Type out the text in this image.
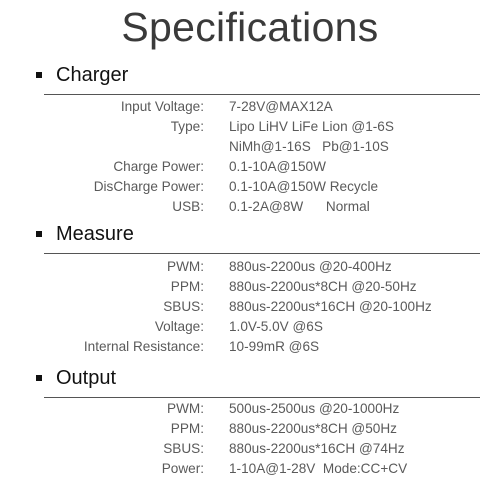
Specifications
Charger
Input Voltage: 7-28V@MAX12A
Type: Lipo LiHV LiFe Lion @1-6S
NiMh@1-16S   Pb@1-10S
Charge Power: 0.1-10A@150W
DisCharge Power: 0.1-10A@150W Recycle
USB: 0.1-2A@8W      Normal
Measure
PWM: 880us-2200us @20-400Hz
PPM: 880us-2200us*8CH @20-50Hz
SBUS: 880us-2200us*16CH @20-100Hz
Voltage: 1.0V-5.0V @6S
Internal Resistance: 10-99mR @6S
Output
PWM: 500us-2500us @20-1000Hz
PPM: 880us-2200us*8CH @50Hz
SBUS: 880us-2200us*16CH @74Hz
Power: 1-10A@1-28V  Mode:CC+CV
